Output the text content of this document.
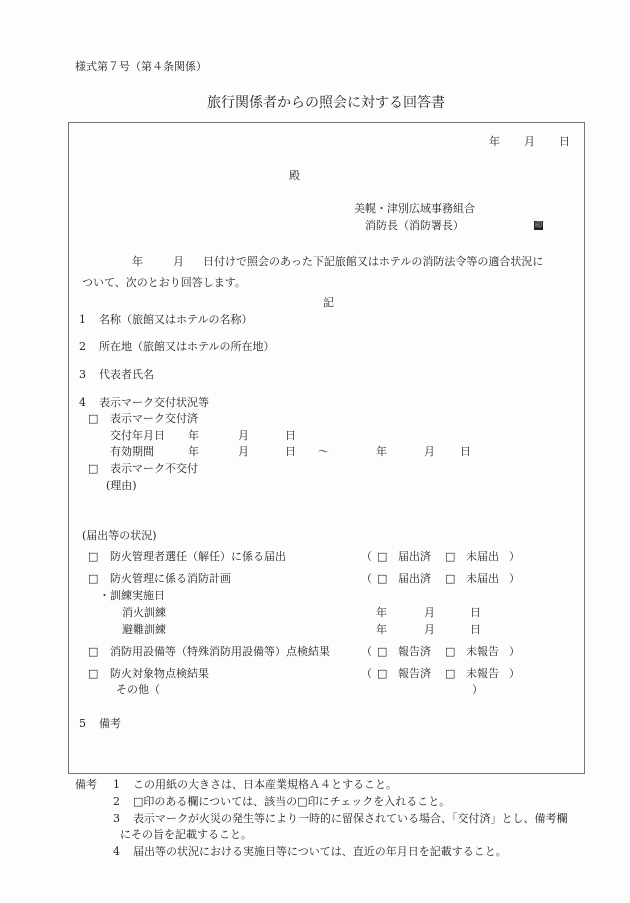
様式第７号（第４条関係）
旅行関係者からの照会に対する回答書
年 月 日
殿
美幌・津別広域事務組合
消防長（消防署長）	印
年	月 日付けで照会のあった下記旅館又はホテルの消防法令等の適合状況に
ついて、次のとおり回答します。
記
1 名称（旅館又はホテルの名称）
2 所在地（旅館又はホテルの所在地）
3 代表者氏名
4 表示マーク交付状況等
□ 表示マーク交付済
交付年月日 年	月	日
有効期間	年	月	日 ～	年	月 日
□ 表示マーク不交付
(理由)
(届出等の状況)
□ 防火管理者選任（解任）に係る届出	（ □ 届出済 □ 未届出 ）
□ 防火管理に係る消防計画	（ □ 届出済 □ 未届出 ）
・訓練実施日
消火訓練	年	月	日
避難訓練	年	月	日
□ 消防用設備等（特殊消防用設備等）点検結果	（ □ 報告済 □ 未報告 ）
□ 防火対象物点検結果	（ □ 報告済 □ 未報告 ）
その他（	）
5 備考
備考 1 この用紙の大きさは、日本産業規格Ａ４とすること。
2 □印のある欄については、該当の□印にチェックを入れること。
3 表示マークが火災の発生等により一時的に留保されている場合、「交付済」とし、備考欄
にその旨を記載すること。
4 届出等の状況における実施日等については、直近の年月日を記載すること。
